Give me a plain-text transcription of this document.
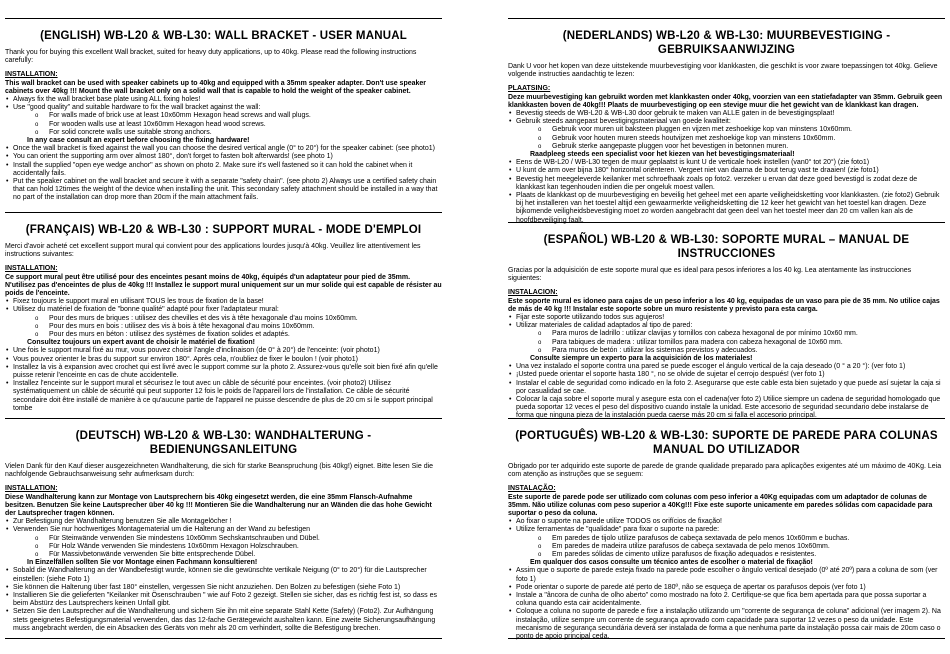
(ENGLISH) WB-L20 & WB-L30: WALL BRACKET - USER MANUAL
Thank you for buying this excellent Wall bracket, suited for heavy duty applications, up to 40kg. Please read the following instructions carefully:
INSTALLATION:
This wall bracket can be used with speaker cabinets up to 40kg and equipped with a 35mm speaker adapter. Don't use speaker cabinets over 40kg !!! Mount the wall bracket only on a solid wall that is capable to hold the weight of the speaker cabinet.
• Always fix the wall bracket base plate using ALL fixing holes!
• Use "good quality" and suitable hardware to fix the wall bracket against the wall:
o For walls made of brick use at least 10x60mm Hexagon head screws and wall plugs.
o For wooden walls use at least 10x60mm Hexagon head wood screws.
o For solid concrete walls use suitable strong anchors.
In any case consult an expert before choosing the fixing hardware!
• Once the wall bracket is fixed against the wall you can choose the desired vertical angle (0° to 20°) for the speaker cabinet: (see photo1)
• You can orient the supporting arm over almost 180°, don't forget to fasten bolt afterwards! (see photo 1)
• Install the supplied "open eye wedge anchor" as shown on photo 2. Make sure it's well fastened so it can hold the cabinet when it accidentally fails.
• Put the speaker cabinet on the wall bracket and secure it with a separate "safety chain". (see photo 2) Always use a certified safety chain that can hold 12times the weight of the device when installing the unit. This secondary safety attachment should be installed in a way that no part of the installation can drop more than 20cm if the main attachment fails.
(FRANÇAIS) WB-L20 & WB-L30 : SUPPORT MURAL - MODE D'EMPLOI
Merci d'avoir acheté cet excellent support mural qui convient pour des applications lourdes jusqu'à 40kg. Veuillez lire attentivement les instructions suivantes:
INSTALLATION:
Ce support mural peut être utilisé pour des enceintes pesant moins de 40kg, équipés d'un adaptateur pour pied de 35mm. N'utilisez pas d'enceintes de plus de 40kg !!! Installez le support mural uniquement sur un mur solide qui est capable de résister au poids de l'enceinte.
• Fixez toujours le support mural en utilisant TOUS les trous de fixation de la base!
• Utilisez du matériel de fixation de "bonne qualité" adapté pour fixer l'adaptateur mural:
o Pour des murs de briques : utilisez des chevilles et des vis à tête hexagonale d'au moins 10x60mm.
o Pour des murs en bois : utilisez des vis à bois à tête hexagonal d'au moins 10x60mm.
o Pour des murs en béton : utilisez des systèmes de fixation solides et adaptés.
Consultez toujours un expert avant de choisir le matériel de fixation!
• Une fois le support mural fixé au mur, vous pouvez choisir l'angle d'inclinaison (de 0° à 20°) de l'enceinte: (voir photo1)
• Vous pouvez orienter le bras du support sur environ 180°. Après cela, n'oubliez de fixer le boulon ! (voir photo1)
• Installez la vis à expansion avec crochet qui est livré avec le support comme sur la photo 2. Assurez-vous qu'elle soit bien fixé afin qu'elle puisse retenir l'enceinte en cas de chute accidentelle.
• Installez l'enceinte sur le support mural et sécurisez le tout avec un câble de sécurité pour enceintes. (voir photo2) Utilisez systématiquement un câble de sécurité qui peut supporter 12 fois le poids de l'appareil lors de l'installation. Ce câble de sécurité secondaire doit être installé de manière à ce qu'aucune partie de l'appareil ne puisse descendre de plus de 20 cm si le support principal tombe
(DEUTSCH) WB-L20 & WB-L30: WANDHALTERUNG - BEDIENUNGSANLEITUNG
Vielen Dank für den Kauf dieser ausgezeichneten Wandhalterung, die sich für starke Beanspruchung (bis 40kg!) eignet. Bitte lesen Sie die nachfolgende Gebrauchsanweisung sehr aufmerksam durch:
INSTALLATION:
Diese Wandhalterung kann zur Montage von Lautsprechern bis 40kg eingesetzt werden, die eine 35mm Flansch-Aufnahme besitzen. Benutzen Sie keine Lautsprecher über 40 kg !!! Montieren Sie die Wandhalterung nur an Wänden die das hohe Gewicht der Lautsprecher tragen können.
• Zur Befestigung der Wandhalterung benutzen Sie alle Montagelöcher !
• Verwenden Sie nur hochwertiges Montagematerial um die Halterung an der Wand zu befestigen
o Für Steinwände verwenden Sie mindestens 10x60mm Sechskantschrauben und Dübel.
o Für Holz Wände verwenden Sie mindestens 10x60mm Hexagon Holzschrauben.
o Für Massivbetonwände verwenden Sie bitte entsprechende Dübel.
In Einzelfällen sollten Sie vor Montage einen Fachmann konsultieren!
• Sobald die Wandhalterung an der Wandbefestigt wurde, können sie die gewünschte vertikale Neigung (0° to 20°) für die Lautsprecher einstellen: (siehe Foto 1)
• Sie können die Halterung über fast 180° einstellen, vergessen Sie nicht anzuziehen. Den Bolzen zu befestigen (siehe Foto 1)
• Installieren Sie die gelieferten "Keilanker mit Ösenschrauben " wie auf Foto 2 gezeigt. Stellen sie sicher, das es richtig fest ist, so dass es beim Abstürz des Lautsprechers keinen Unfall gibt.
• Setzen Sie den Lautsprecher auf die Wandhalterung und sichern Sie ihn mit eine separate Stahl Kette (Safety) (Foto2). Zur Aufhängung stets geeignetes Befestigungsmaterial verwenden, das das 12-fache Gerätegewicht aushalten kann. Eine zweite Sicherungsaufhängung muss angebracht werden, die ein Absacken des Geräts von mehr als 20 cm verhindert, sollte die Befestigung brechen.
(NEDERLANDS) WB-L20 & WB-L30: MUURBEVESTIGING - GEBRUIKSAANWIJZING
Dank U voor het kopen van deze uitstekende muurbevestiging voor klankkasten, die geschikt is voor zware toepassingen tot 40kg. Gelieve volgende instructies aandachtig te lezen:
PLAATSING:
Deze muurbevestiging kan gebruikt worden met klankkasten onder 40kg, voorzien van een statiefadapter van 35mm. Gebruik geen klankkasten boven de 40kg!!! Plaats de muurbevestiging op een stevige muur die het gewicht van de klankkast kan dragen.
• Bevestig steeds de WB-L20 & WB-L30 door gebruik te maken van ALLE gaten in de bevestigingsplaat!
• Gebruik steeds aangepast bevestigingsmateriaal van goede kwaliteit:
o Gebruik voor muren uit baksteen pluggen en vijzen met zeshoekige kop van minstens 10x60mm.
o Gebruik voor houten muren steeds houtvijzen met zeshoekige kop van minstens 10x60mm.
o Gebruik sterke aangepaste pluggen voor het bevestigen in betonnen muren.
Raadpleeg steeds een specialist voor het kiezen van het bevestigingsmateriaal!
• Eens de WB-L20 / WB-L30 tegen de muur geplaatst is kunt U de verticale hoek instellen (van0° tot 20°) (zie foto1)
• U kunt de arm over bijna 180° horizontal oriënteren. Vergeet niet van daarna de bout terug vast te draaien! (zie foto1)
• Bevestig het meegeleverde keilanker met schroefhaak zoals op foto2. verzeker u ervan dat deze goed bevestigd is zodat deze de klankkast kan tegenhouden indien die per ongeluk moest vallen.
• Plaats de klankkast op de muurbevestiging en beveilig het geheel met een aparte veiligheidsketting voor klankkasten. (zie foto2) Gebruik bij het installeren van het toestel altijd een gewaarmerkte veiligheidsketting die 12 keer het gewicht van het toestel kan dragen. Deze bijkomende veiligheidsbevestiging moet zo worden aangebracht dat geen deel van het toestel meer dan 20 cm vallen kan als de hoofdbeveiliging faalt.
(ESPAÑOL) WB-L20 & WB-L30: SOPORTE MURAL – MANUAL DE INSTRUCCIONES
Gracias por la adquisición de este soporte mural que es ideal para pesos inferiores a los 40 kg. Lea atentamente las instrucciones siguientes:
INSTALACION:
Este soporte mural es idoneo para cajas de un peso inferior a los 40 kg, equipadas de un vaso para pie de 35 mm. No utilice cajas de más de 40 kg !!! Instalar este soporte sobre un muro resistente y previsto para esta carga.
• Fijar este soporte utilizando todos sus agujeros!
• Utilizar materiales de calidad adaptados al tipo de pared:
o Para muros de ladrillo : utilizar clavijas y tornillos con cabeza hexagonal de por mínimo 10x60 mm.
o Para tabiques de madera : utilizar tornillos para madera con cabeza hexagonal de 10x60 mm.
o Para muros de betón : utilizar los sistemas previstos y adecuados.
Consulte siempre un experto para la acquisición de los materiales!
• Una vez instalado el soporte contra una pared se puede escoger el ángulo vertical de la caja deseado (0 ° a 20 °): (ver foto 1)
• ¡Usted puede orientar el soporte hasta 180 °, no se olvide de sujetar el cerrojo después! (ver foto 1)
• Instalar el cable de seguridad como indicado en la foto 2. Asegurarse que este cable esta bien sujetado y que puede así sujetar la caja si por casualidad se cae.
• Colocar la caja sobre el soporte mural y asegure esta con el cadena(ver foto 2) Utilice siempre un cadena de seguridad homologado que pueda soportar 12 veces el peso del dispositivo cuando instale la unidad. Este accesorio de seguridad secundario debe instalarse de forma que ninguna pieza de la instalación pueda caerse más 20 cm si falla el accesorio principal.
(PORTUGUÊS) WB-L20 & WB-L30: SUPORTE DE PAREDE PARA COLUNAS MANUAL DO UTILIZADOR
Obrigado por ter adquirido este suporte de parede de grande qualidade preparado para aplicações exigentes até um máximo de 40Kg. Leia com atenção as instruções que se seguem:
INSTALAÇÃO:
Este suporte de parede pode ser utilizado com colunas com peso inferior a 40Kg equipadas com um adaptador de colunas de 35mm. Não utilize colunas com peso superior a 40Kg!!! Fixe este suporte unicamente em paredes sólidas com capacidade para suportar o peso da coluna.
• Ao fixar o suporte na parede utilize TODOS os orifícios de fixação!
• Utilize ferramentas de "qualidade" para fixar o suporte na parede:
o Em paredes de tijolo utilize parafusos de cabeça sextavada de pelo menos 10x60mm e buchas.
o Em paredes de madeira utilize parafusos de cabeça sextavada de pelo menos 10x60mm.
o Em paredes sólidas de cimento utilize parafusos de fixação adequados e resistentes.
Em qualquer dos casos consulte um técnico antes de escolher o material de fixação!
• Assim que o suporte de parede esteja fixado na parede pode escolher o ângulo vertical desejado (0º até 20º) para a coluna de som (ver foto 1)
• Pode orientar o suporte de parede até perto de 180º, não se esqueça de apertar os parafusos depois (ver foto 1)
• Instale a "âncora de cunha de olho aberto" como mostrado na foto 2. Certifique-se que fica bem apertada para que possa suportar a coluna quando esta cair acidentalmente.
• Coloque a coluna no suporte de parede e fixe a instalação utilizando um "corrente de segurança de coluna" adicional (ver imagem 2). Na instalação, utilize sempre um corrente de segurança aprovado com capacidade para suportar 12 vezes o peso da unidade. Este mecanismo de segurança secundária deverá ser instalada de forma a que nenhuma parte da instalação possa cair mais de 20cm caso o ponto de apoio principal ceda.
